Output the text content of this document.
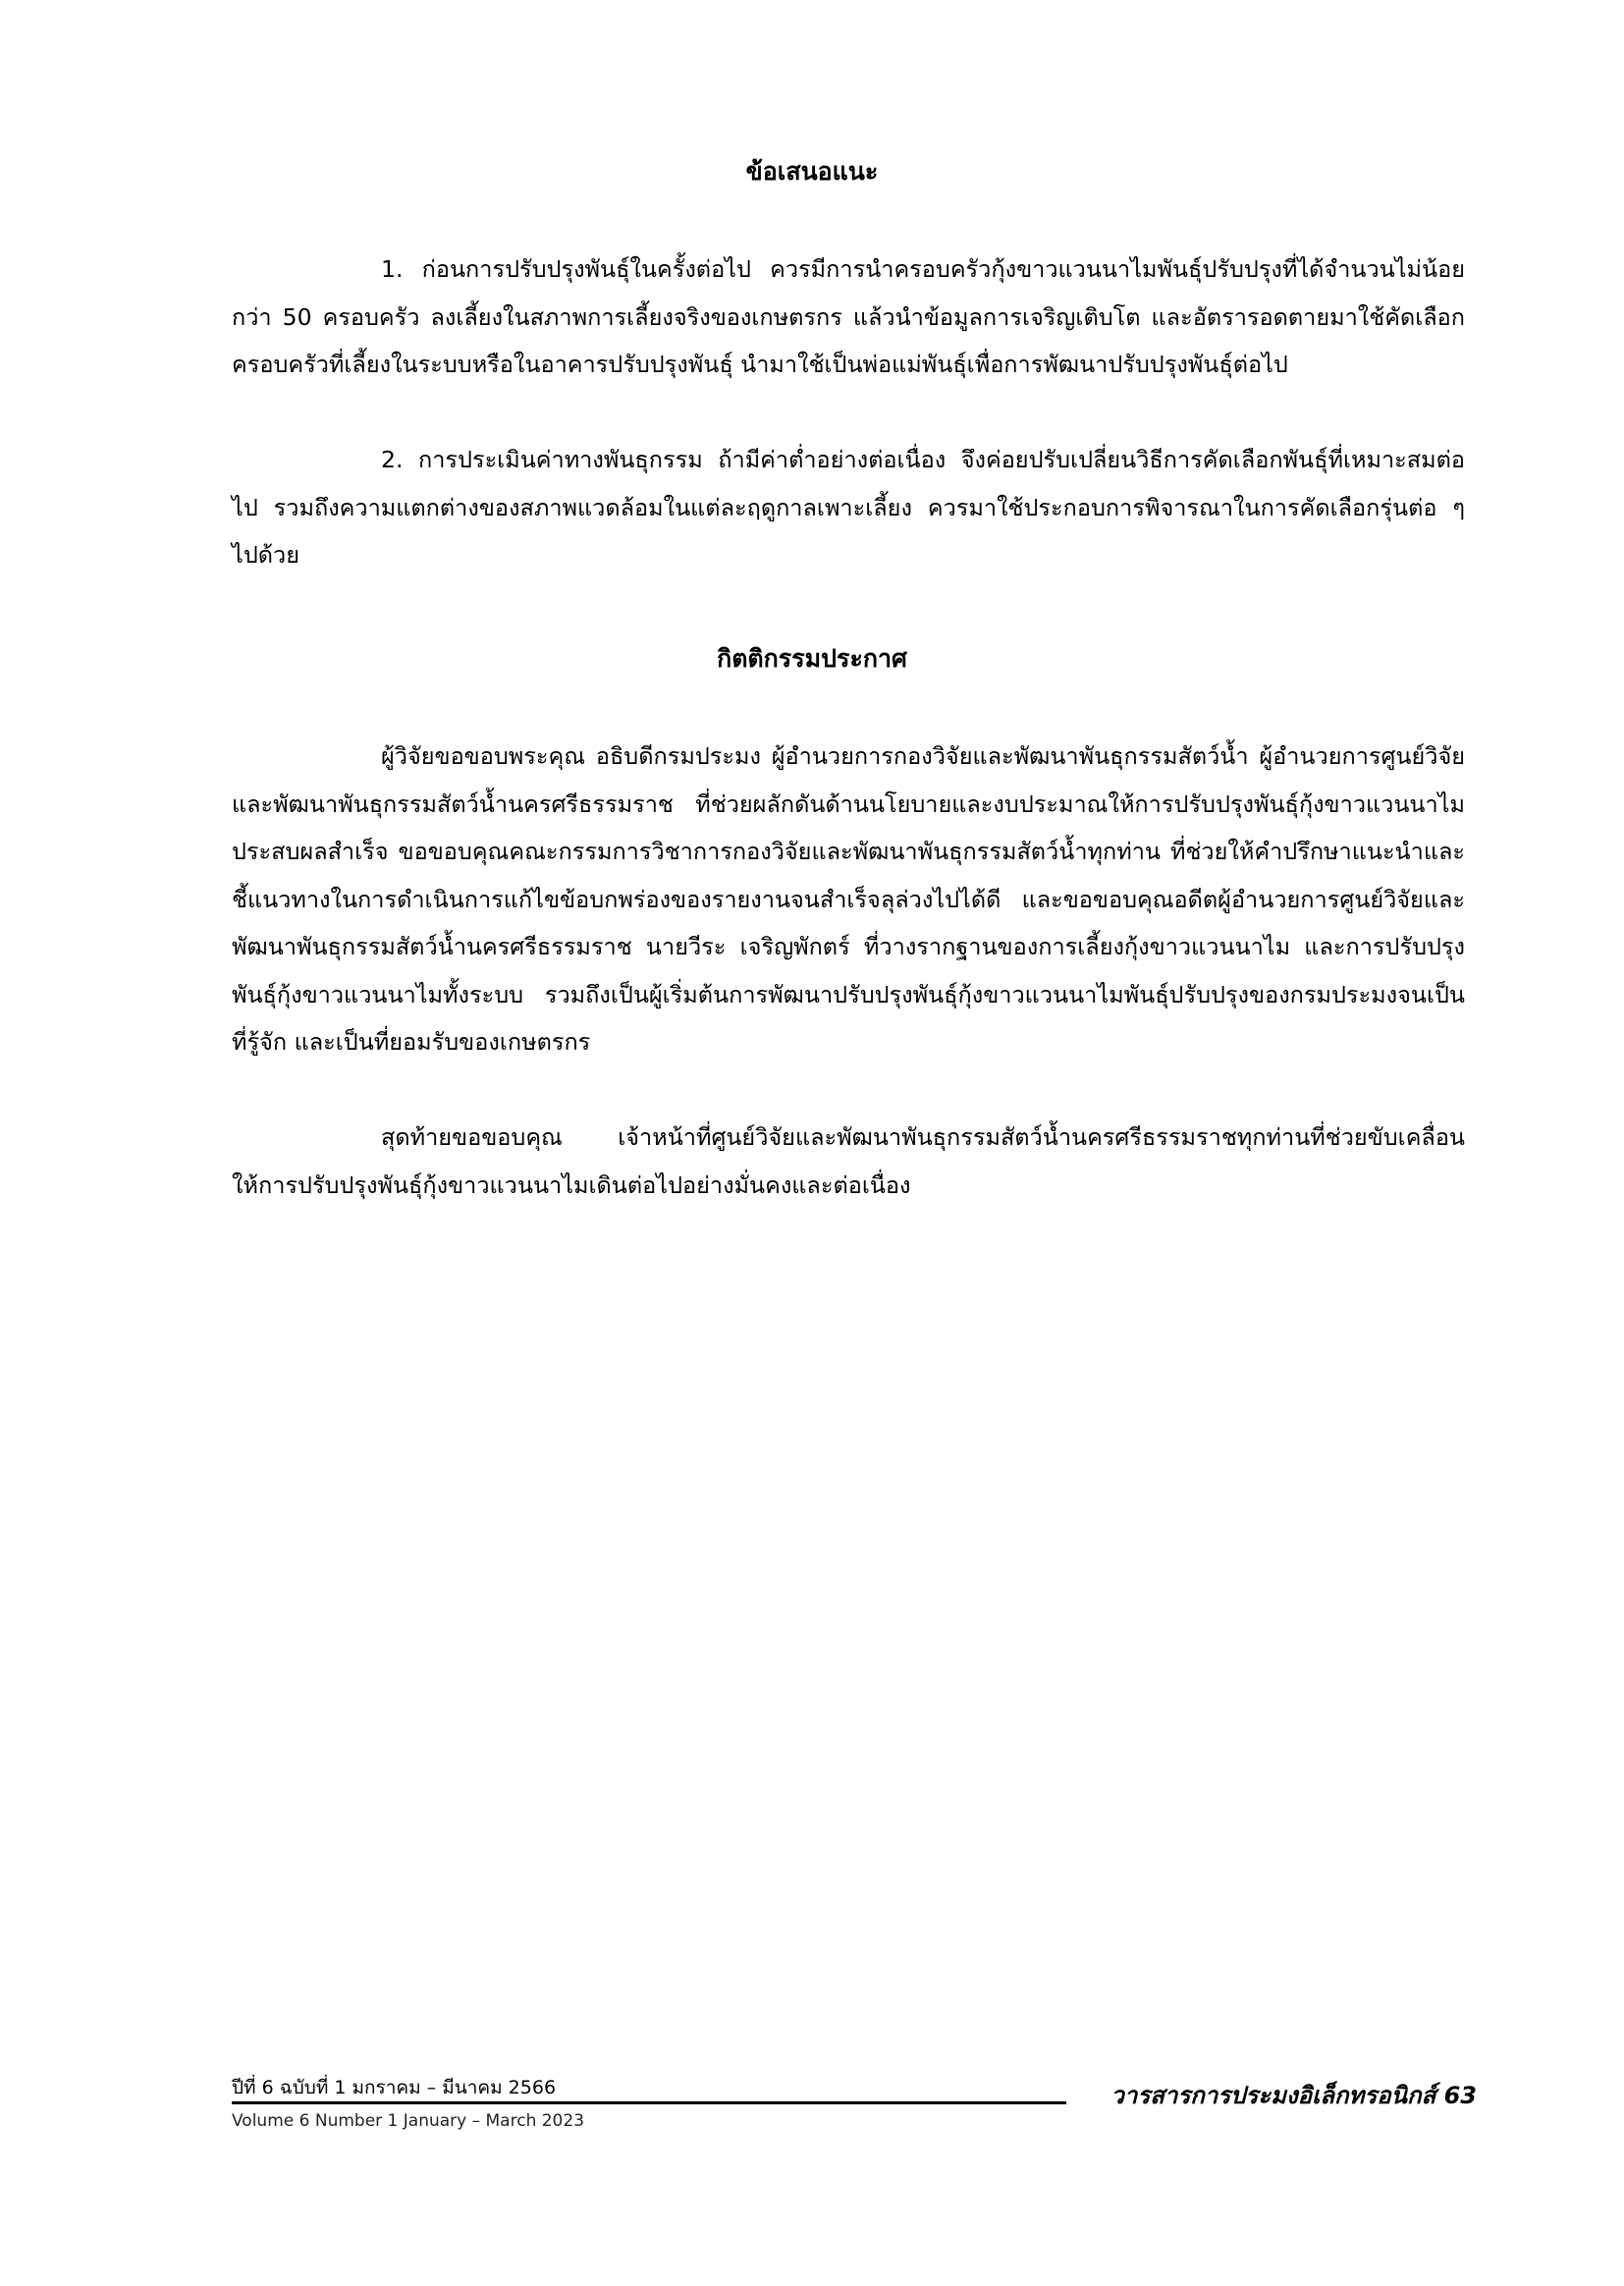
ข้อเสนอแนะ

1. ก่อนการปรับปรุงพันธุ์ในครั้งต่อไป ควรมีการนำครอบครัวกุ้งขาวแวนนาไมพันธุ์ปรับปรุงที่ได้จำนวนไม่น้อยกว่า 50 ครอบครัว ลงเลี้ยงในสภาพการเลี้ยงจริงของเกษตรกร แล้วนำข้อมูลการเจริญเติบโต และอัตรารอดตายมาใช้คัดเลือกครอบครัวที่เลี้ยงในระบบหรือในอาคารปรับปรุงพันธุ์ นำมาใช้เป็นพ่อแม่พันธุ์เพื่อการพัฒนาปรับปรุงพันธุ์ต่อไป

2. การประเมินค่าทางพันธุกรรม ถ้ามีค่าต่ำอย่างต่อเนื่อง จึงค่อยปรับเปลี่ยนวิธีการคัดเลือกพันธุ์ที่เหมาะสมต่อไป รวมถึงความแตกต่างของสภาพแวดล้อมในแต่ละฤดูกาลเพาะเลี้ยง ควรมาใช้ประกอบการพิจารณาในการคัดเลือกรุ่นต่อ ๆ ไปด้วย

กิตติกรรมประกาศ

ผู้วิจัยขอขอบพระคุณ อธิบดีกรมประมง ผู้อำนวยการกองวิจัยและพัฒนาพันธุกรรมสัตว์น้ำ ผู้อำนวยการศูนย์วิจัยและพัฒนาพันธุกรรมสัตว์น้ำนครศรีธรรมราช ที่ช่วยผลักดันด้านนโยบายและงบประมาณให้การปรับปรุงพันธุ์กุ้งขาวแวนนาไมประสบผลสำเร็จ ขอขอบคุณคณะกรรมการวิชาการกองวิจัยและพัฒนาพันธุกรรมสัตว์น้ำทุกท่าน ที่ช่วยให้คำปรึกษาแนะนำและชี้แนวทางในการดำเนินการแก้ไขข้อบกพร่องของรายงานจนสำเร็จลุล่วงไปได้ดี และขอขอบคุณอดีตผู้อำนวยการศูนย์วิจัยและพัฒนาพันธุกรรมสัตว์น้ำนครศรีธรรมราช นายวีระ เจริญพักตร์ ที่วางรากฐานของการเลี้ยงกุ้งขาวแวนนาไม และการปรับปรุงพันธุ์กุ้งขาวแวนนาไมทั้งระบบ รวมถึงเป็นผู้เริ่มต้นการพัฒนาปรับปรุงพันธุ์กุ้งขาวแวนนาไมพันธุ์ปรับปรุงของกรมประมงจนเป็นที่รู้จัก และเป็นที่ยอมรับของเกษตรกร

สุดท้ายขอขอบคุณ เจ้าหน้าที่ศูนย์วิจัยและพัฒนาพันธุกรรมสัตว์น้ำนครศรีธรรมราชทุกท่านที่ช่วยขับเคลื่อนให้การปรับปรุงพันธุ์กุ้งขาวแวนนาไมเดินต่อไปอย่างมั่นคงและต่อเนื่อง

ปีที่ 6 ฉบับที่ 1 มกราคม – มีนาคม 2566	วารสารการประมงอิเล็กทรอนิกส์ 63
Volume 6 Number 1 January – March 2023
